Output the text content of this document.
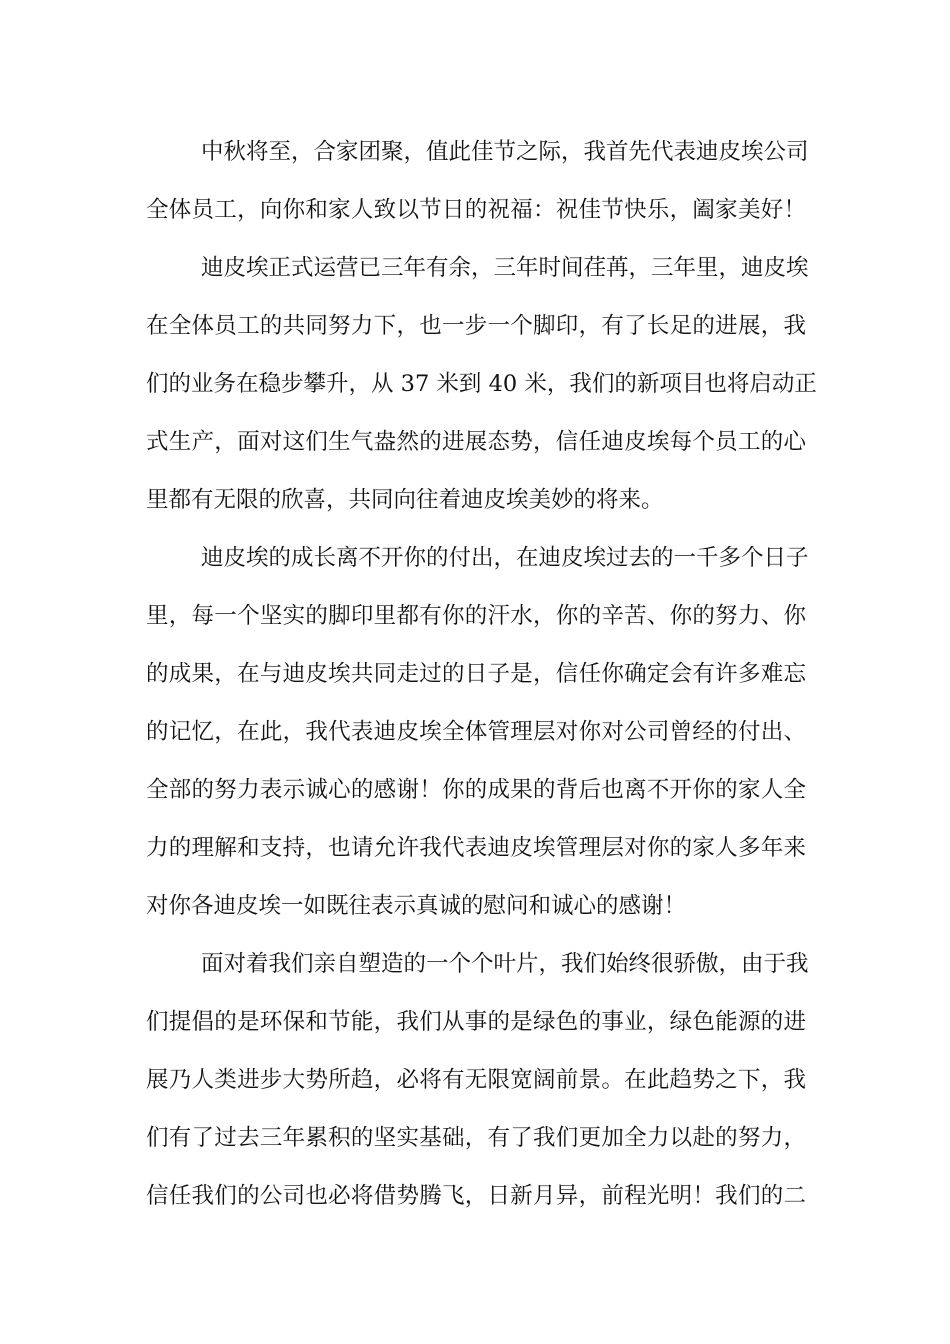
中秋将至，合家团聚，值此佳节之际，我首先代表迪皮埃公司
全体员工，向你和家人致以节日的祝福：祝佳节快乐，阖家美好！
迪皮埃正式运营已三年有余，三年时间荏苒，三年里，迪皮埃
在全体员工的共同努力下，也一步一个脚印，有了长足的进展，我
们的业务在稳步攀升，从 37 米到 40 米，我们的新项目也将启动正
式生产，面对这们生气盎然的进展态势，信任迪皮埃每个员工的心
里都有无限的欣喜，共同向往着迪皮埃美妙的将来。
迪皮埃的成长离不开你的付出，在迪皮埃过去的一千多个日子
里，每一个坚实的脚印里都有你的汗水，你的辛苦、你的努力、你
的成果，在与迪皮埃共同走过的日子是，信任你确定会有许多难忘
的记忆，在此，我代表迪皮埃全体管理层对你对公司曾经的付出、
全部的努力表示诚心的感谢！你的成果的背后也离不开你的家人全
力的理解和支持，也请允许我代表迪皮埃管理层对你的家人多年来
对你各迪皮埃一如既往表示真诚的慰问和诚心的感谢！
面对着我们亲自塑造的一个个叶片，我们始终很骄傲，由于我
们提倡的是环保和节能，我们从事的是绿色的事业，绿色能源的进
展乃人类进步大势所趋，必将有无限宽阔前景。在此趋势之下，我
们有了过去三年累积的坚实基础，有了我们更加全力以赴的努力，
信任我们的公司也必将借势腾飞，日新月异，前程光明！我们的二
